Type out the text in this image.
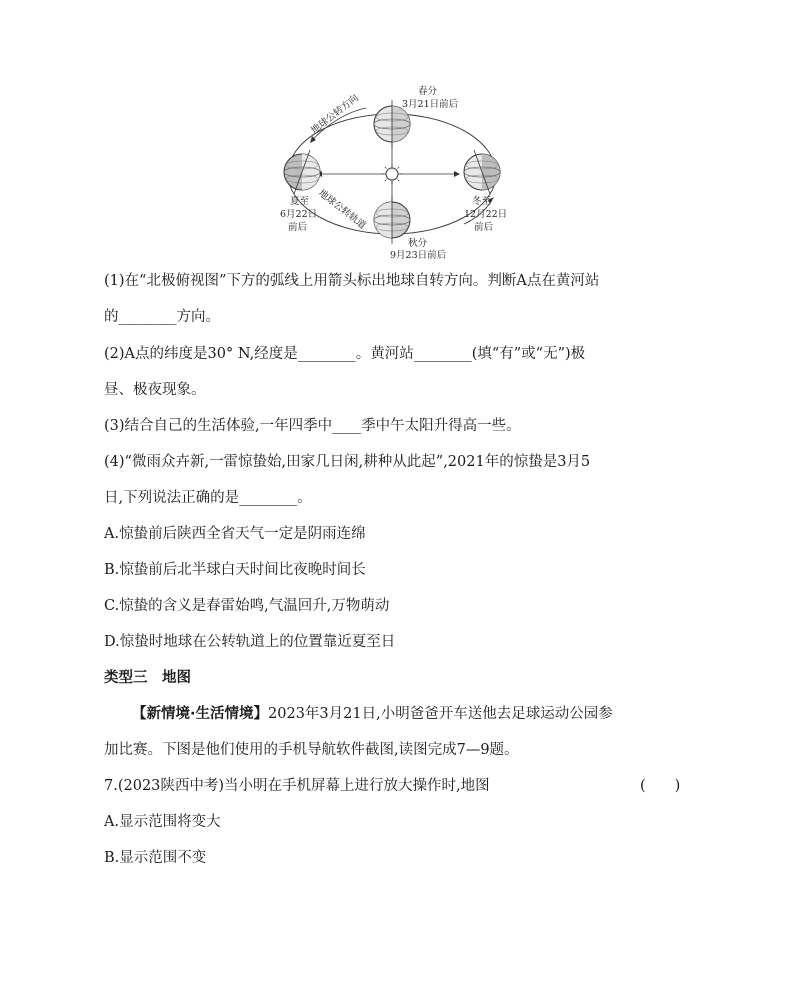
春分
3月21日前后
夏至
6月22日
前后
冬至
12月22日
前后
秋分
9月23日前后
地球公转方向
地球公转轨道
(1)在“北极俯视图”下方的弧线上用箭头标出地球自转方向。判断A点在黄河站
的________方向。
(2)A点的纬度是30° N,经度是________。黄河站________(填“有”或“无”)极
昼、极夜现象。
(3)结合自己的生活体验,一年四季中____季中午太阳升得高一些。
(4)“微雨众卉新,一雷惊蛰始,田家几日闲,耕种从此起”,2021年的惊蛰是3月5
日,下列说法正确的是________。
A.惊蛰前后陕西全省天气一定是阴雨连绵
B.惊蛰前后北半球白天时间比夜晚时间长
C.惊蛰的含义是春雷始鸣,气温回升,万物萌动
D.惊蛰时地球在公转轨道上的位置靠近夏至日
类型三　地图
【新情境·生活情境】2023年3月21日,小明爸爸开车送他去足球运动公园参
加比赛。下图是他们使用的手机导航软件截图,读图完成7—9题。
7.(2023陕西中考)当小明在手机屏幕上进行放大操作时,地图	(　　)
A.显示范围将变大
B.显示范围不变
